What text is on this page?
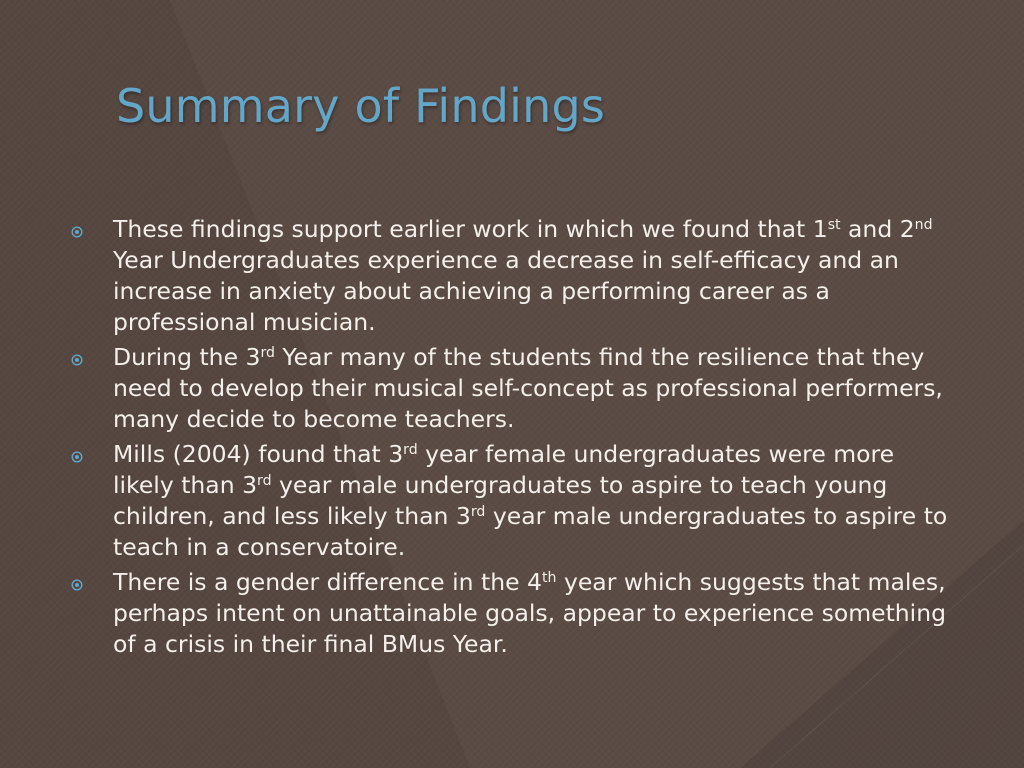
Summary of Findings
These findings support earlier work in which we found that 1st and 2nd Year Undergraduates experience a decrease in self-efficacy and an increase in anxiety about achieving a performing career as a professional musician.
During the 3rd Year many of the students find the resilience that they need to develop their musical self-concept as professional performers, many decide to become teachers.
Mills (2004) found that 3rd year female undergraduates were more likely than 3rd year male undergraduates to aspire to teach young children, and less likely than 3rd year male undergraduates to aspire to teach in a conservatoire.
There is a gender difference in the 4th year which suggests that males, perhaps intent on unattainable goals, appear to experience something of a crisis in their final BMus Year.
